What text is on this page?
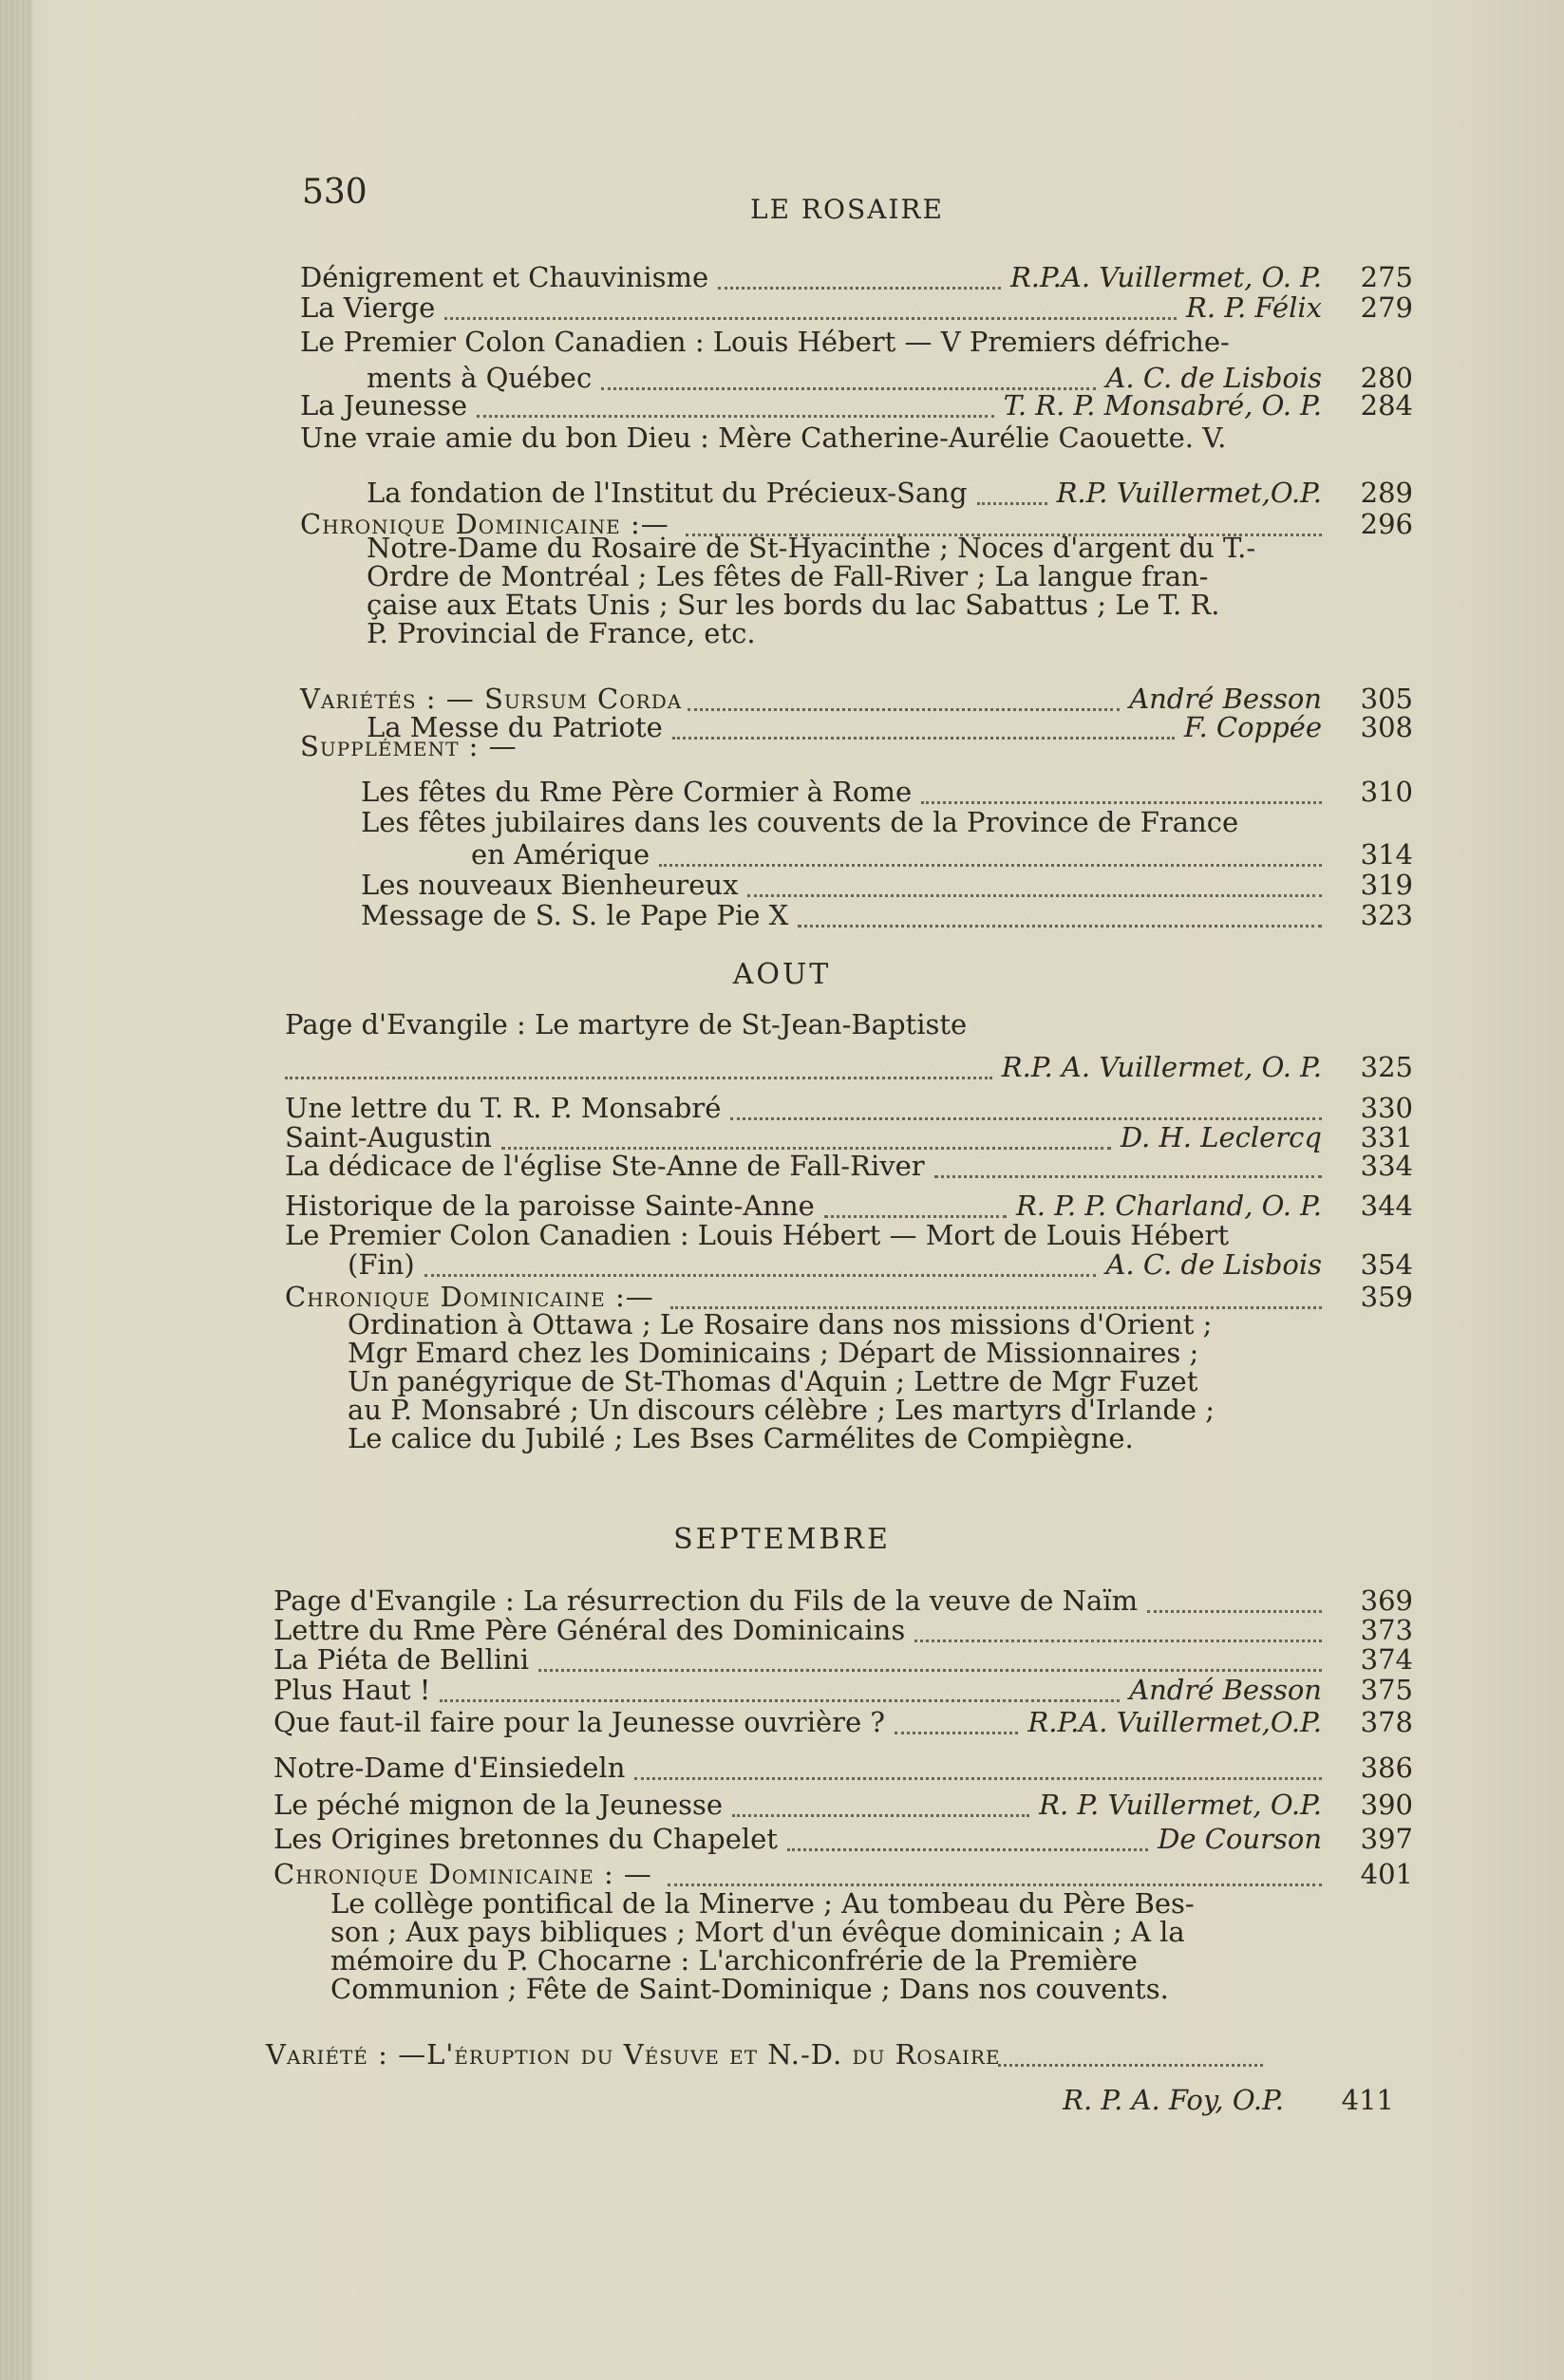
530	LE ROSAIRE
AOUT
SEPTEMBRE
Dénigrement et Chauvinisme	R.P.A. Vuillermet, O. P.	275
La Vierge	R. P. Félix	279
Le Premier Colon Canadien : Louis Hébert — V Premiers défriche-
ments à Québec	A. C. de Lisbois	280
La Jeunesse	T. R. P. Monsabré, O. P.	284
Une vraie amie du bon Dieu : Mère Catherine-Aurélie Caouette. V.
La fondation de l'Institut du Précieux-Sang	R.P. Vuillermet,O.P.	289
Chronique Dominicaine :—	296
Notre-Dame du Rosaire de St-Hyacinthe ; Noces d'argent du T.-
Ordre de Montréal ; Les fêtes de Fall-River ; La langue fran-
çaise aux Etats Unis ; Sur les bords du lac Sabattus ; Le T. R.
P. Provincial de France, etc.
Variétés : — Sursum Corda	André Besson	305
La Messe du Patriote	F. Coppée	308
Supplément : —
Les fêtes du Rme Père Cormier à Rome	310
Les fêtes jubilaires dans les couvents de la Province de France
en Amérique	314
Les nouveaux Bienheureux	319
Message de S. S. le Pape Pie X	323
Page d'Evangile : Le martyre de St-Jean-Baptiste
R.P. A. Vuillermet, O. P.	325
Une lettre du T. R. P. Monsabré	330
Saint-Augustin	D. H. Leclercq	331
La dédicace de l'église Ste-Anne de Fall-River	334
Historique de la paroisse Sainte-Anne	R. P. P. Charland, O. P.	344
Le Premier Colon Canadien : Louis Hébert — Mort de Louis Hébert
(Fin)	A. C. de Lisbois	354
Chronique Dominicaine :—	359
Ordination à Ottawa ; Le Rosaire dans nos missions d'Orient ;
Mgr Emard chez les Dominicains ; Départ de Missionnaires ;
Un panégyrique de St-Thomas d'Aquin ; Lettre de Mgr Fuzet
au P. Monsabré ; Un discours célèbre ; Les martyrs d'Irlande ;
Le calice du Jubilé ; Les Bses Carmélites de Compiègne.
Page d'Evangile : La résurrection du Fils de la veuve de Naïm	369
Lettre du Rme Père Général des Dominicains	373
La Piéta de Bellini	374
Plus Haut !	André Besson	375
Que faut-il faire pour la Jeunesse ouvrière ?	R.P.A. Vuillermet,O.P.	378
Notre-Dame d'Einsiedeln	386
Le péché mignon de la Jeunesse	R. P. Vuillermet, O.P.	390
Les Origines bretonnes du Chapelet	De Courson	397
Chronique Dominicaine : —	401
Le collège pontifical de la Minerve ; Au tombeau du Père Bes-
son ; Aux pays bibliques ; Mort d'un évêque dominicain ; A la
mémoire du P. Chocarne : L'archiconfrérie de la Première
Communion ; Fête de Saint-Dominique ; Dans nos couvents.
Variété : —L'éruption du Vésuve et N.-D. du Rosaire
R. P. A. Foy, O.P.	411
